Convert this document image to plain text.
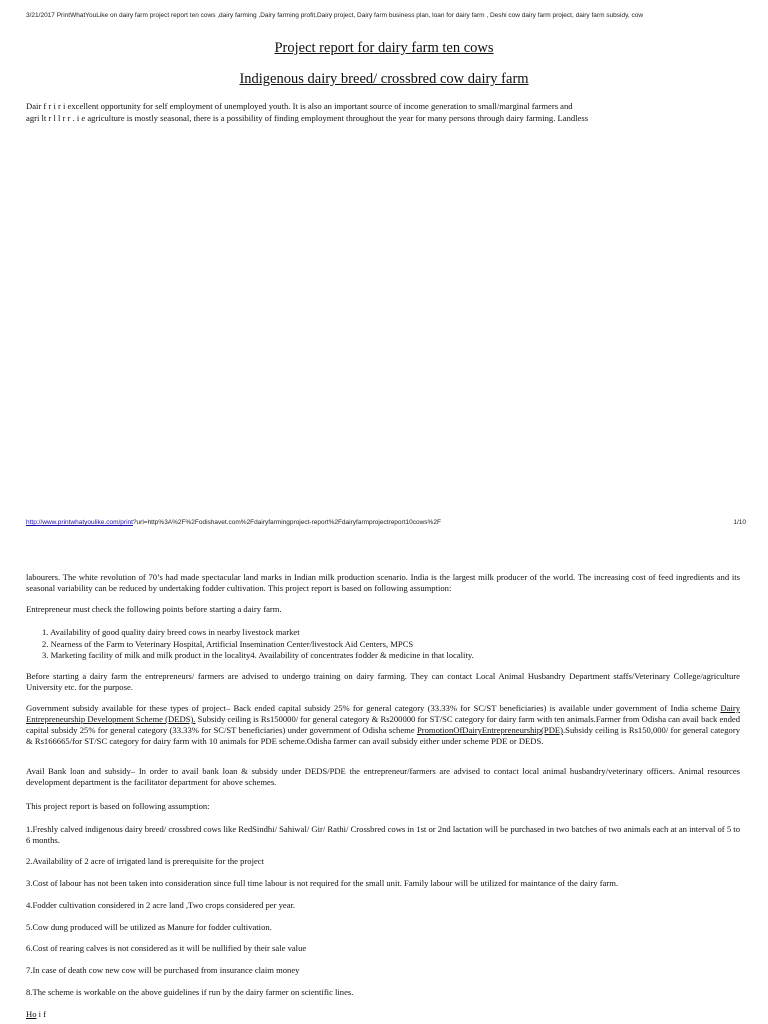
3/21/2017 PrintWhatYouLike on dairy farm project report ten cows ,dairy farming ,Dairy farming profit,Dairy project, Dairy farm business plan, loan for dairy farm , Deshi cow dairy farm project, dairy farm subsidy, cow
Project report for dairy farm ten cows
Indigenous dairy breed/ crossbred cow dairy farm

Dair f r i r i excellent opportunity for self employment of unemployed youth. It is also an important source of income generation to small/marginal farmers and

agri lt r l l r r . i e agriculture is mostly seasonal, there is a possibility of finding employment throughout the year for many persons through dairy farming. Landless

http://www.printwhatyoulike.com/print?url=http%3A%2F%2Fodishavet.com%2Fdairyfarmingproject-report%2Fdairyfarmprojectreport10cows%2F	1/10

labourers. The white revolution of 70’s had made spectacular land marks in Indian milk production scenario. India is the largest milk producer of the world. The increasing cost of feed ingredients and its seasonal variability can be reduced by undertaking fodder cultivation. This project report is based on following assumption:

Entrepreneur must check the following points before starting a dairy farm.

1. Availability of good quality dairy breed cows in nearby livestock market
2. Nearness of the Farm to Veterinary Hospital, Artificial Insemination Center/livestock Aid Centers, MPCS
3. Marketing facility of milk and milk product in the locality4. Availability of concentrates fodder & medicine in that locality.

Before starting a dairy farm the entrepreneurs/ farmers are advised to undergo training on dairy farming. They can contact Local Animal Husbandry Department staffs/Veterinary College/agriculture University etc. for the purpose.

Government subsidy available for these types of project– Back ended capital subsidy 25% for general category (33.33% for SC/ST beneficiaries) is available under government of India scheme Dairy Entrepreneurship Development Scheme (DEDS). Subsidy ceiling is Rs150000/ for general category & Rs200000 for ST/SC category for dairy farm with ten animals.Farmer from Odisha can avail back ended capital subsidy 25% for general category (33.33% for SC/ST beneficiaries) under government of Odisha scheme PromotionOfDairyEntrepreneurship(PDE).Subsidy ceiling is Rs150,000/ for general category & Rs166665/for ST/SC category for dairy farm with 10 animals for PDE scheme.Odisha farmer can avail subsidy either under scheme PDE or DEDS.

Avail Bank loan and subsidy– In order to avail bank loan & subsidy under DEDS/PDE the entrepreneur/farmers are advised to contact local animal husbandry/veterinary officers. Animal resources development department is the facilitator department for above schemes.

This project report is based on following assumption:

1.Freshly calved indigenous dairy breed/ crossbred cows like RedSindhi/ Sahiwal/ Gir/ Rathi/ Crossbred cows in 1st or 2nd lactation will be purchased in two batches of two animals each at an interval of 5 to 6 months.

2.Availability of 2 acre of irrigated land is prerequisite for the project

3.Cost of labour has not been taken into consideration since full time labour is not required for the small unit. Family labour will be utilized for maintance of the dairy farm.

4.Fodder cultivation considered in 2 acre land ,Two crops considered per year.

5.Cow dung produced will be utilized as Manure for fodder cultivation.

6.Cost of rearing calves is not considered as it will be nullified by their sale value

7.In case of death cow new cow will be purchased from insurance claim money

8.The scheme is workable on the above guidelines if run by the dairy farmer on scientific lines.

Ho i f
